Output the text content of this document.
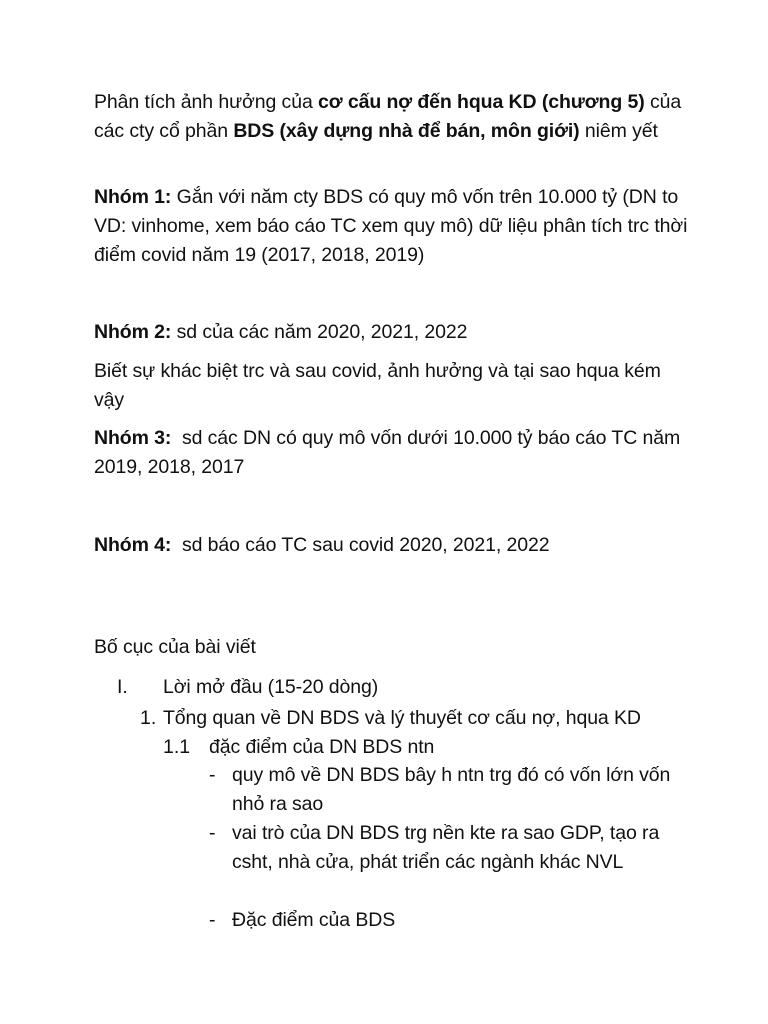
Phân tích ảnh hưởng của cơ cấu nợ đến hqua KD (chương 5) của các cty cổ phần BDS (xây dựng nhà để bán, môn giới) niêm yết

Nhóm 1: Gắn với năm cty BDS có quy mô vốn trên 10.000 tỷ (DN to VD: vinhome, xem báo cáo TC xem quy mô) dữ liệu phân tích trc thời điểm covid năm 19 (2017, 2018, 2019)

Nhóm 2: sd của các năm 2020, 2021, 2022

Biết sự khác biệt trc và sau covid, ảnh hưởng và tại sao hqua kém vậy

Nhóm 3:  sd các DN có quy mô vốn dưới 10.000 tỷ báo cáo TC năm 2019, 2018, 2017

Nhóm 4:  sd báo cáo TC sau covid 2020, 2021, 2022

Bố cục của bài viết

I. Lời mở đầu (15-20 dòng)

1. Tổng quan về DN BDS và lý thuyết cơ cấu nợ, hqua KD

1.1 đặc điểm của DN BDS ntn

- quy mô về DN BDS bây h ntn trg đó có vốn lớn vốn nhỏ ra sao

- vai trò của DN BDS trg nền kte ra sao GDP, tạo ra csht, nhà cửa, phát triển các ngành khác NVL

- Đặc điểm của BDS
